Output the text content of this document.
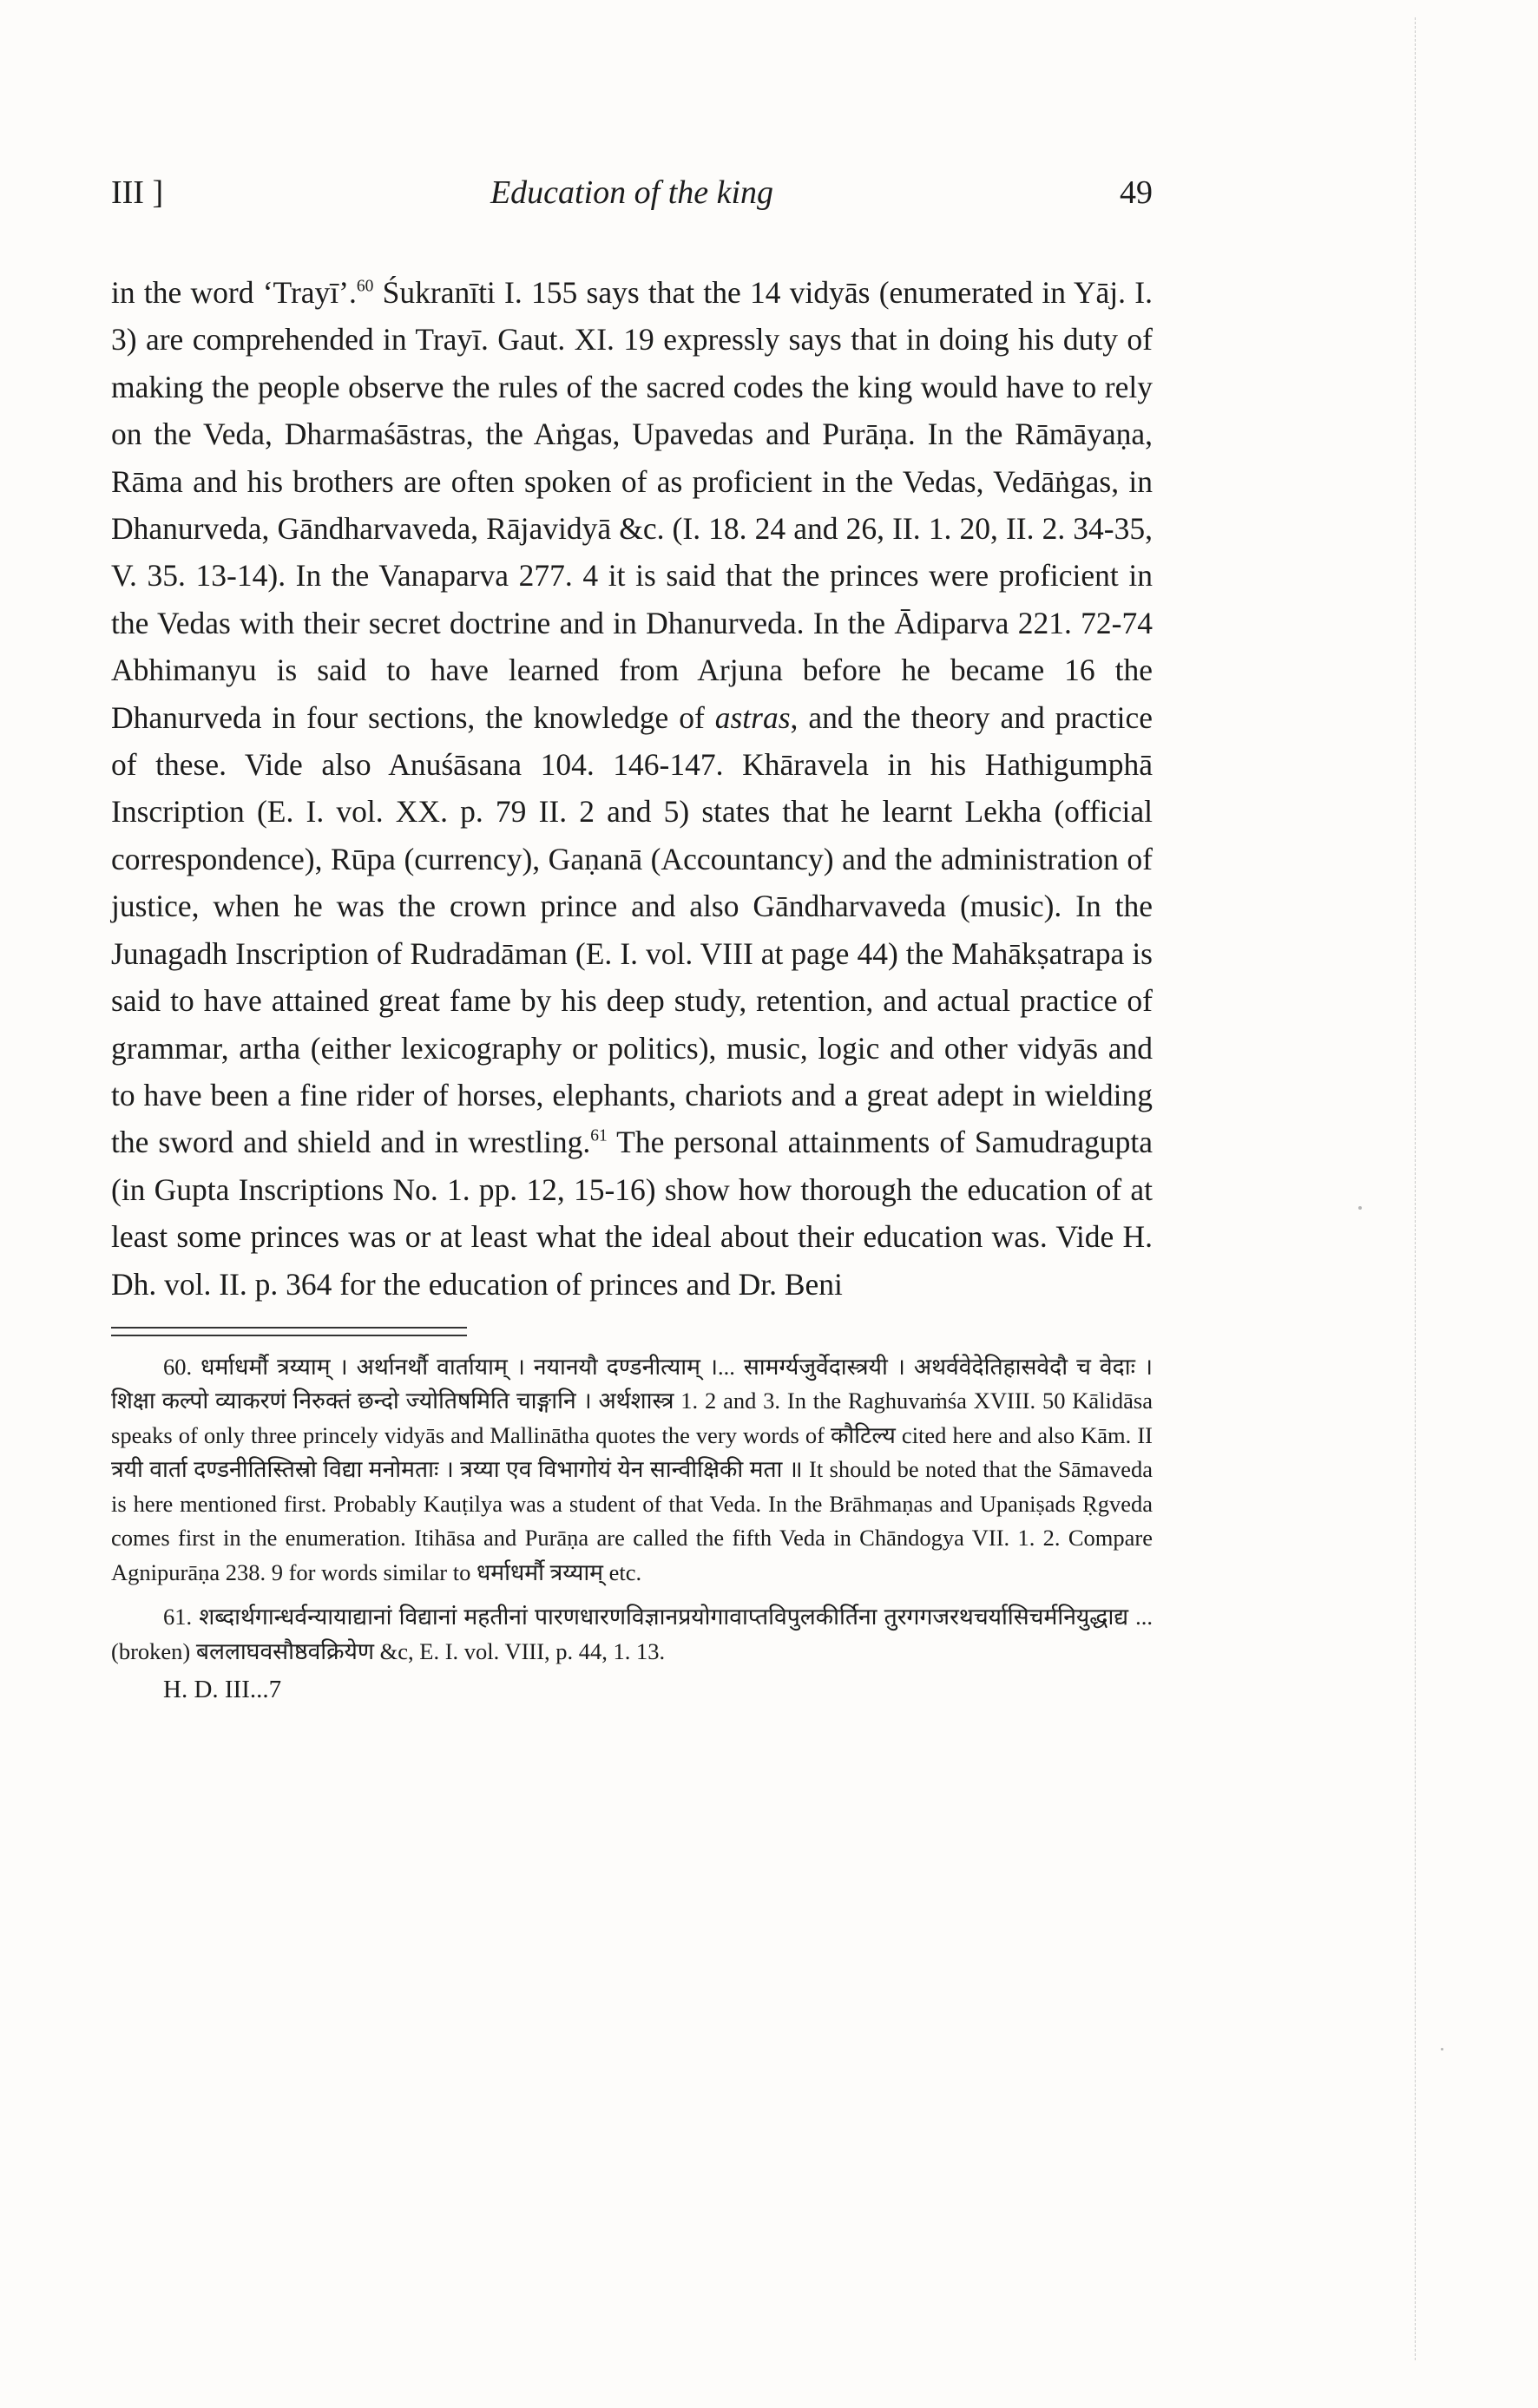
III ]	Education of the king	49

in the word ‘Trayī’.$^{60}$ Śukranīti I. 155 says that the 14 vidyās (enumerated in Yāj. I. 3) are comprehended in Trayī. Gaut. XI. 19 expressly says that in doing his duty of making the people observe the rules of the sacred codes the king would have to rely on the Veda, Dharmaśāstras, the Aṅgas, Upavedas and Purāṇa. In the Rāmāyaṇa, Rāma and his brothers are often spoken of as proficient in the Vedas, Vedāṅgas, in Dhanurveda, Gāndharvaveda, Rājavidyā &c. (I. 18. 24 and 26, II. 1. 20, II. 2. 34-35, V. 35. 13-14). In the Vanaparva 277. 4 it is said that the princes were proficient in the Vedas with their secret doctrine and in Dhanurveda. In the Ādiparva 221. 72-74 Abhimanyu is said to have learned from Arjuna before he became 16 the Dhanurveda in four sections, the knowledge of astras, and the theory and practice of these. Vide also Anuśāsana 104. 146-147. Khāravela in his Hathigumphā Inscription (E. I. vol. XX. p. 79 II. 2 and 5) states that he learnt Lekha (official correspondence), Rūpa (currency), Gaṇanā (Accountancy) and the administration of justice, when he was the crown prince and also Gāndharvaveda (music). In the Junagadh Inscription of Rudradāman (E. I. vol. VIII at page 44) the Mahākṣatrapa is said to have attained great fame by his deep study, retention, and actual practice of grammar, artha (either lexicography or politics), music, logic and other vidyās and to have been a fine rider of horses, elephants, chariots and a great adept in wielding the sword and shield and in wrestling.$^{61}$ The personal attainments of Samudragupta (in Gupta Inscriptions No. 1. pp. 12, 15-16) show how thorough the education of at least some princes was or at least what the ideal about their education was. Vide H. Dh. vol. II. p. 364 for the education of princes and Dr. Beni

60. धर्माधर्मौ त्रय्याम् । अर्थानर्थौ वार्तायाम् । नयानयौ दण्डनीत्याम् ।... सामर्ग्यजुर्वेदास्त्रयी । अथर्ववेदेतिहासवेदौ च वेदाः । शिक्षा कल्पो व्याकरणं निरुक्तं छन्दो ज्योतिषमिति चाङ्गानि । अर्थशास्त्र 1. 2 and 3. In the Raghuvaṁśa XVIII. 50 Kālidāsa speaks of only three princely vidyās and Mallinātha quotes the very words of कौटिल्य cited here and also Kām. II त्रयी वार्ता दण्डनीतिस्तिस्रो विद्या मनोमताः । त्रय्या एव विभागोयं येन सान्वीक्षिकी मता ॥ It should be noted that the Sāmaveda is here mentioned first. Probably Kauṭilya was a student of that Veda. In the Brāhmaṇas and Upaniṣads Ṛgveda comes first in the enumeration. Itihāsa and Purāṇa are called the fifth Veda in Chāndogya VII. 1. 2. Compare Agnipurāṇa 238. 9 for words similar to धर्माधर्मौ त्रय्याम् etc.

61. शब्दार्थगान्धर्वन्यायाद्यानां विद्यानां महतीनां पारणधारणविज्ञानप्रयोगावाप्तविपुलकीर्तिना तुरगगजरथचर्यासिचर्मनियुद्धाद्य ... (broken) बललाघवसौष्ठवक्रियेण &c, E. I. vol. VIII, p. 44, 1. 13.

H. D. III...7
